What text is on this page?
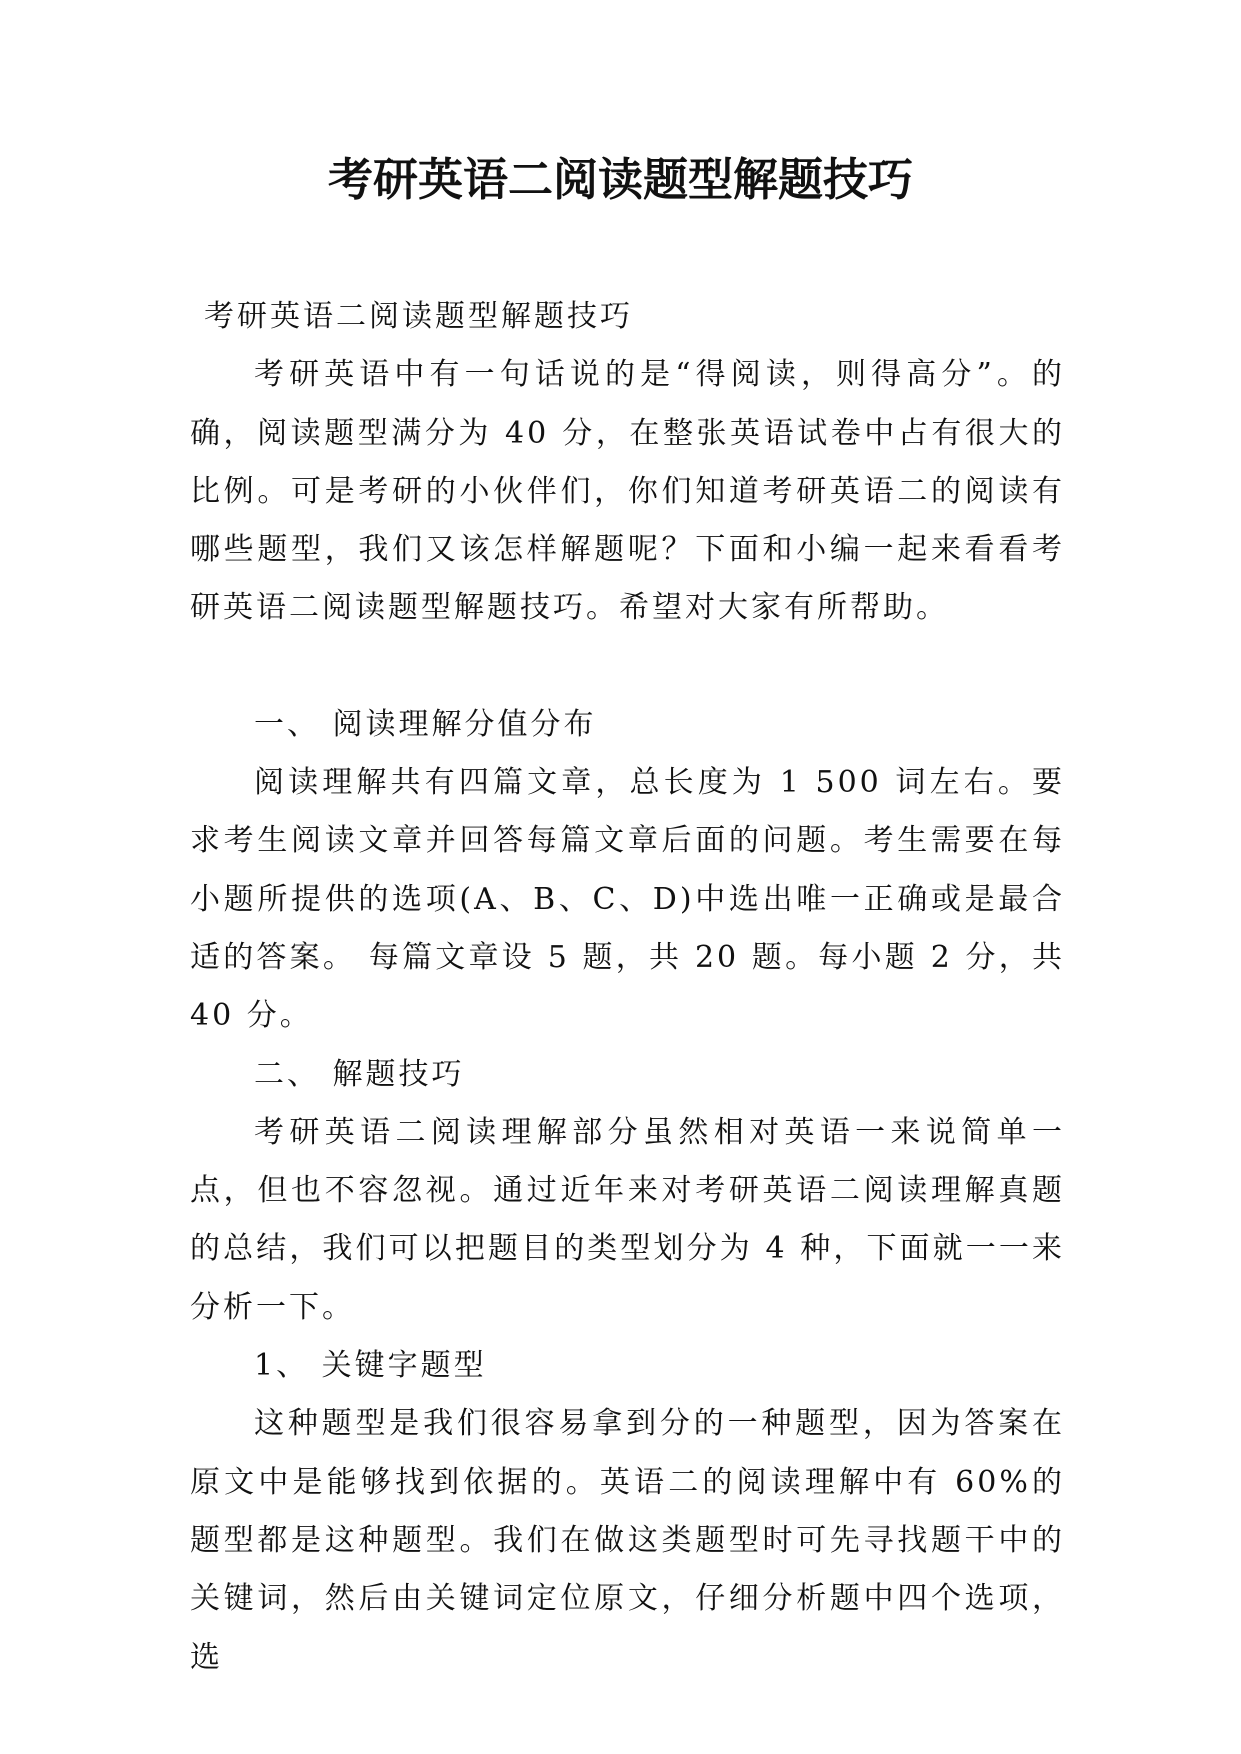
考研英语二阅读题型解题技巧

考研英语二阅读题型解题技巧

考研英语中有一句话说的是“得阅读，则得高分”。的确，阅读题型满分为 40 分，在整张英语试卷中占有很大的比例。可是考研的小伙伴们，你们知道考研英语二的阅读有哪些题型，我们又该怎样解题呢？下面和小编一起来看看考研英语二阅读题型解题技巧。希望对大家有所帮助。

一、 阅读理解分值分布

阅读理解共有四篇文章，总长度为 1 500 词左右。要求考生阅读文章并回答每篇文章后面的问题。考生需要在每小题所提供的选项(A、B、C、D)中选出唯一正确或是最合适的答案。 每篇文章设 5 题，共 20 题。每小题 2 分，共 40 分。

二、 解题技巧

考研英语二阅读理解部分虽然相对英语一来说简单一点，但也不容忽视。通过近年来对考研英语二阅读理解真题的总结，我们可以把题目的类型划分为 4 种，下面就一一来分析一下。

1、 关键字题型

这种题型是我们很容易拿到分的一种题型，因为答案在原文中是能够找到依据的。英语二的阅读理解中有 60%的题型都是这种题型。我们在做这类题型时可先寻找题干中的关键词，然后由关键词定位原文，仔细分析题中四个选项，选
